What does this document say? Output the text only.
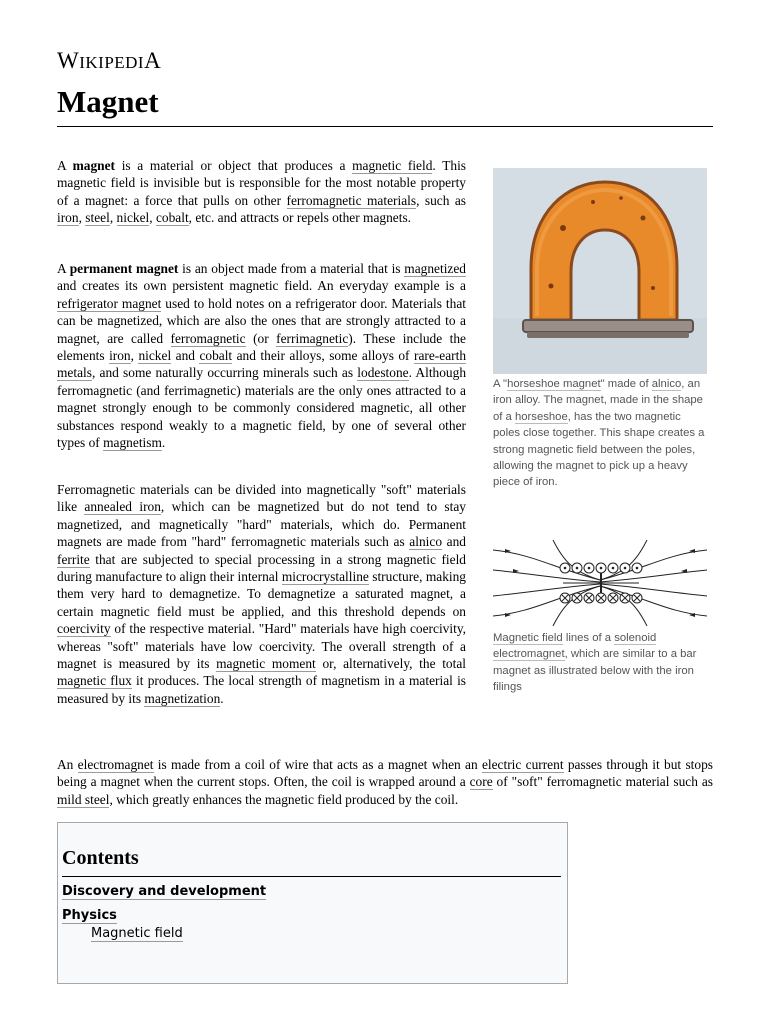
WIKIPEDIA
Magnet

A magnet is a material or object that produces a magnetic field. This magnetic field is invisible but is responsible for the most notable property of a magnet: a force that pulls on other ferromagnetic materials, such as iron, steel, nickel, cobalt, etc. and attracts or repels other magnets.

A permanent magnet is an object made from a material that is magnetized and creates its own persistent magnetic field. An everyday example is a refrigerator magnet used to hold notes on a refrigerator door. Materials that can be magnetized, which are also the ones that are strongly attracted to a magnet, are called ferromagnetic (or ferrimagnetic). These include the elements iron, nickel and cobalt and their alloys, some alloys of rare-earth metals, and some naturally occurring minerals such as lodestone. Although ferromagnetic (and ferrimagnetic) materials are the only ones attracted to a magnet strongly enough to be commonly considered magnetic, all other substances respond weakly to a magnetic field, by one of several other types of magnetism.

Ferromagnetic materials can be divided into magnetically "soft" materials like annealed iron, which can be magnetized but do not tend to stay magnetized, and magnetically "hard" materials, which do. Permanent magnets are made from "hard" ferromagnetic materials such as alnico and ferrite that are subjected to special processing in a strong magnetic field during manufacture to align their internal microcrystalline structure, making them very hard to demagnetize. To demagnetize a saturated magnet, a certain magnetic field must be applied, and this threshold depends on coercivity of the respective material. "Hard" materials have high coercivity, whereas "soft" materials have low coercivity. The overall strength of a magnet is measured by its magnetic moment or, alternatively, the total magnetic flux it produces. The local strength of magnetism in a material is measured by its magnetization.

An electromagnet is made from a coil of wire that acts as a magnet when an electric current passes through it but stops being a magnet when the current stops. Often, the coil is wrapped around a core of "soft" ferromagnetic material such as mild steel, which greatly enhances the magnetic field produced by the coil.

A "horseshoe magnet" made of alnico, an iron alloy. The magnet, made in the shape of a horseshoe, has the two magnetic poles close together. This shape creates a strong magnetic field between the poles, allowing the magnet to pick up a heavy piece of iron.
Magnetic field lines of a solenoid electromagnet, which are similar to a bar magnet as illustrated below with the iron filings
Contents
Discovery and development
Physics
Magnetic field
